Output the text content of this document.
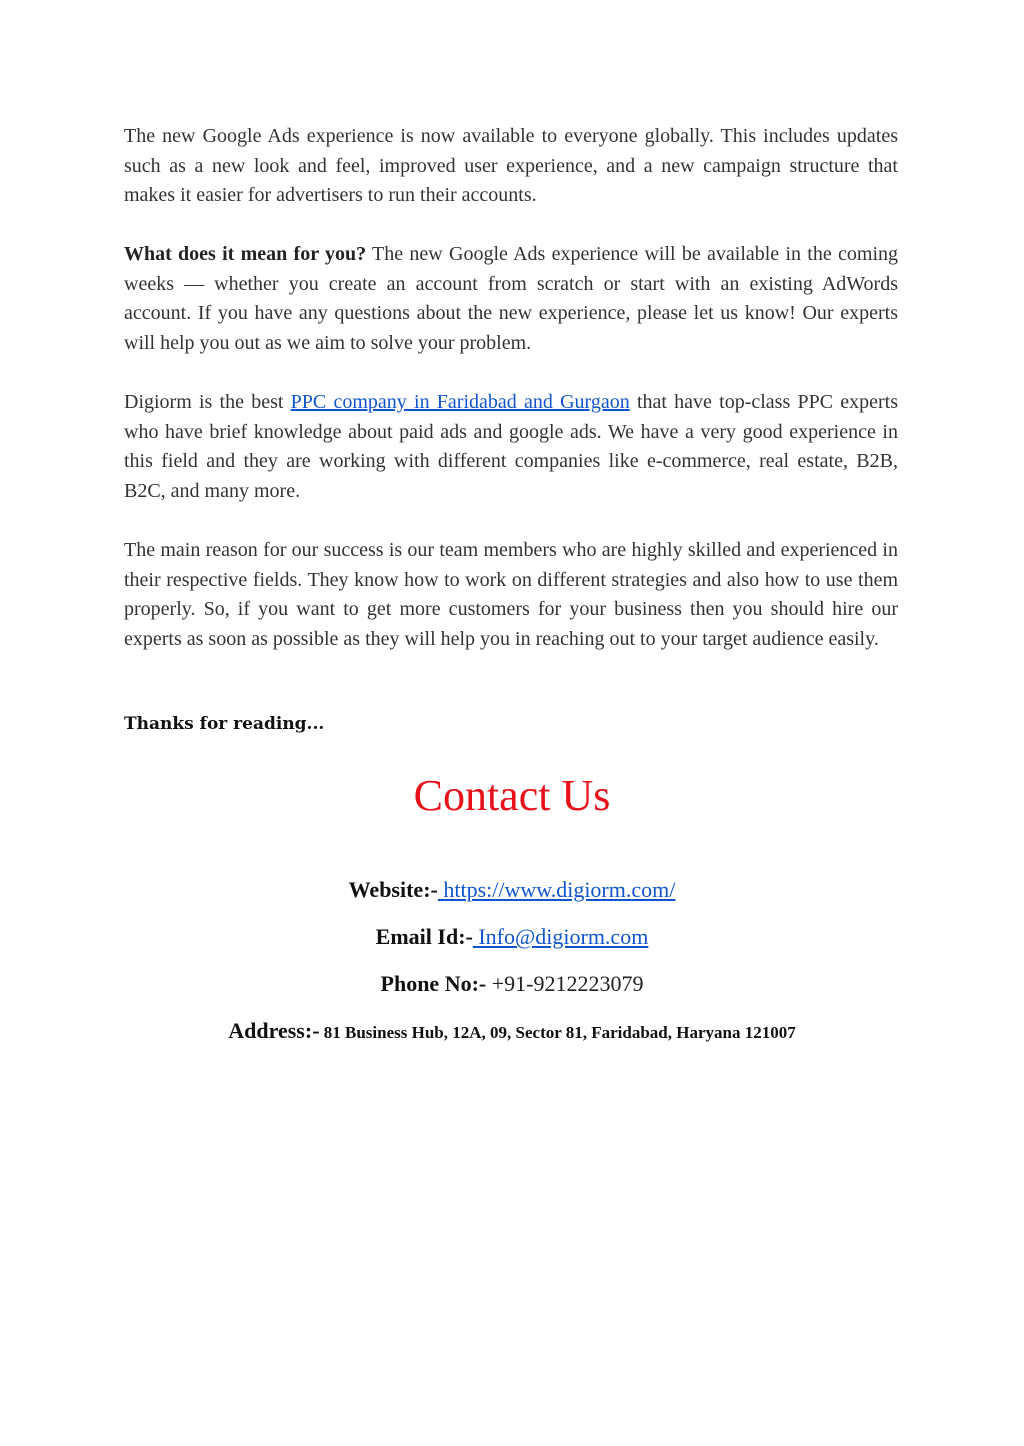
The new Google Ads experience is now available to everyone globally. This includes updates such as a new look and feel, improved user experience, and a new campaign structure that makes it easier for advertisers to run their accounts.

What does it mean for you? The new Google Ads experience will be available in the coming weeks — whether you create an account from scratch or start with an existing AdWords account. If you have any questions about the new experience, please let us know! Our experts will help you out as we aim to solve your problem.

Digiorm is the best PPC company in Faridabad and Gurgaon that have top-class PPC experts who have brief knowledge about paid ads and google ads. We have a very good experience in this field and they are working with different companies like e-commerce, real estate, B2B, B2C, and many more.

The main reason for our success is our team members who are highly skilled and experienced in their respective fields. They know how to work on different strategies and also how to use them properly. So, if you want to get more customers for your business then you should hire our experts as soon as possible as they will help you in reaching out to your target audience easily.

Thanks for reading...

Contact Us

Website:- https://www.digiorm.com/

Email Id:- Info@digiorm.com

Phone No:- +91-9212223079

Address:- 81 Business Hub, 12A, 09, Sector 81, Faridabad, Haryana 121007
